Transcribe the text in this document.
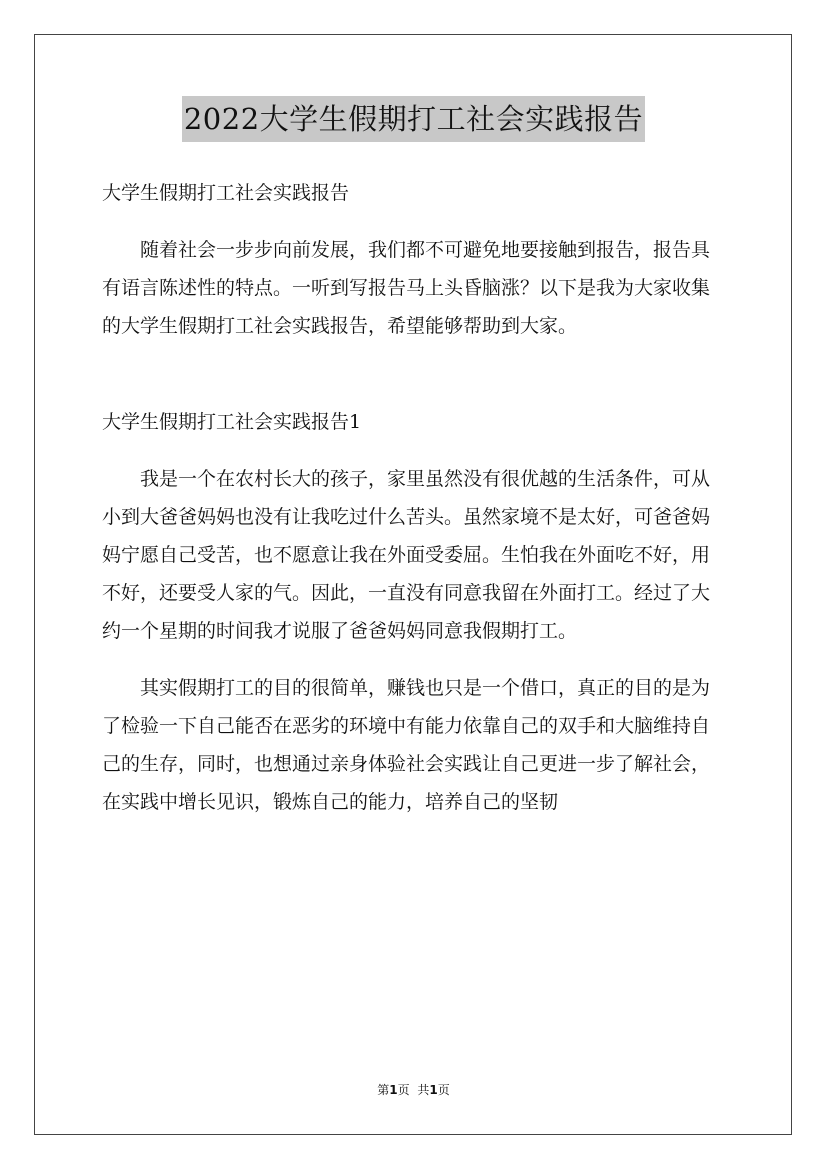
2022大学生假期打工社会实践报告

大学生假期打工社会实践报告

随着社会一步步向前发展，我们都不可避免地要接触到报告，报告具有语言陈述性的特点。一听到写报告马上头昏脑涨？以下是我为大家收集的大学生假期打工社会实践报告，希望能够帮助到大家。

大学生假期打工社会实践报告1

我是一个在农村长大的孩子，家里虽然没有很优越的生活条件，可从小到大爸爸妈妈也没有让我吃过什么苦头。虽然家境不是太好，可爸爸妈妈宁愿自己受苦，也不愿意让我在外面受委屈。生怕我在外面吃不好，用不好，还要受人家的气。因此，一直没有同意我留在外面打工。经过了大约一个星期的时间我才说服了爸爸妈妈同意我假期打工。

其实假期打工的目的很简单，赚钱也只是一个借口，真正的目的是为了检验一下自己能否在恶劣的环境中有能力依靠自己的双手和大脑维持自己的生存，同时，也想通过亲身体验社会实践让自己更进一步了解社会，在实践中增长见识，锻炼自己的能力，培养自己的坚韧

第1页 共1页
